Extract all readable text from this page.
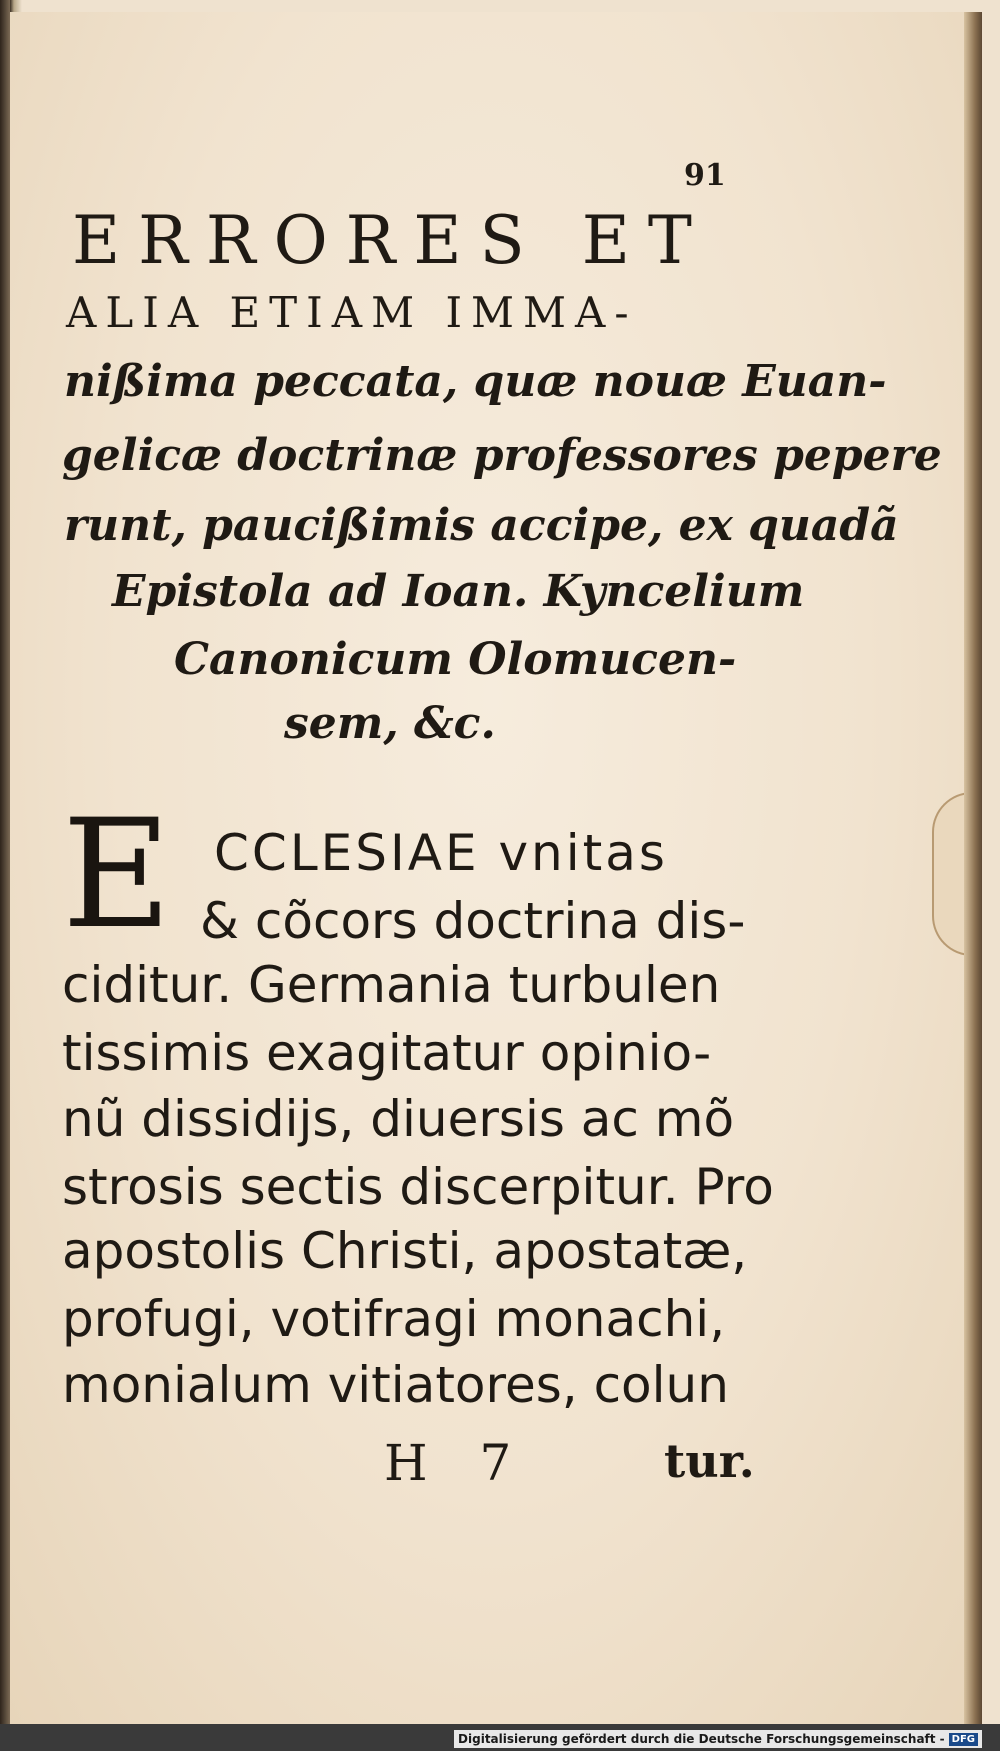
91
ERRORES ET
ALIA ETIAM IMMA-
nißima peccata, quæ nouæ Euan-
gelicæ doctrinæ professores pepere
runt, paucißimis accipe, ex quadã
Epistola ad Ioan. Kyncelium
Canonicum Olomucen-
sem, &c.
E CCLESIAE vnitas
& cõcors doctrina dis-
ciditur. Germania turbulen
tissimis exagitatur opinio-
nũ dissidijs, diuersis ac mõ
strosis sectis discerpitur. Pro
apostolis Christi, apostatæ,
profugi, votifragi monachi,
monialum vitiatores, colun
H 7	tur.
Digitalisierung gefördert durch die Deutsche Forschungsgemeinschaft - DFG
